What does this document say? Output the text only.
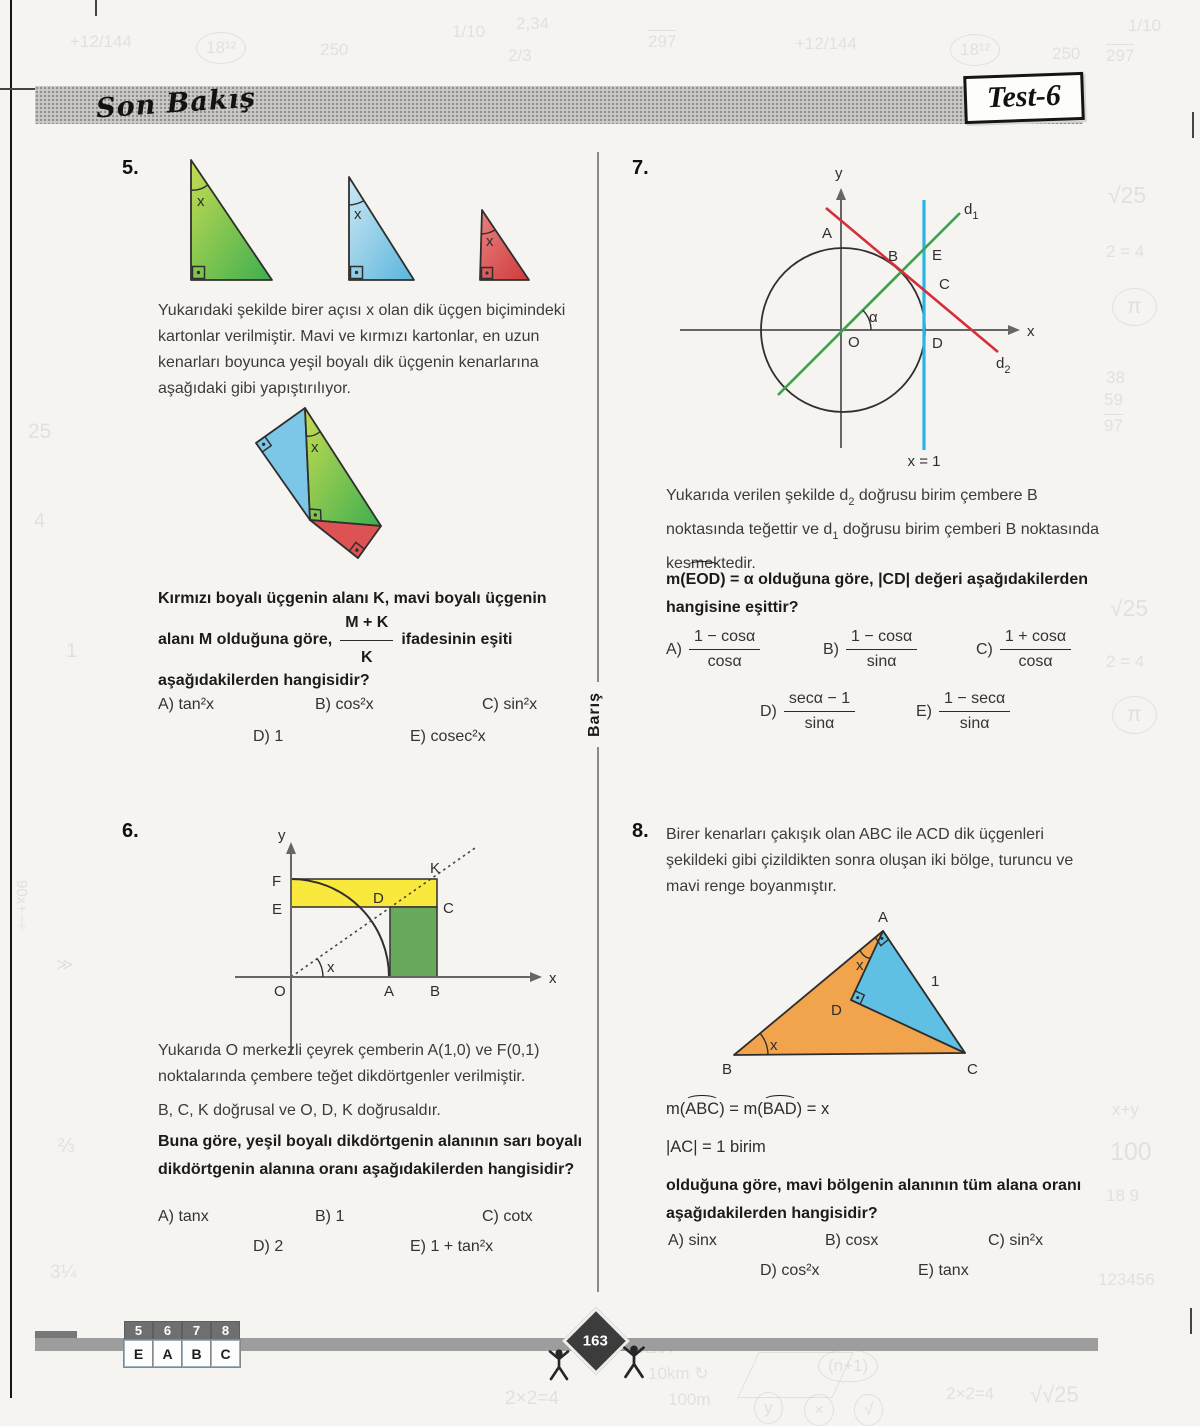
+12/144	18¹²	250
1/10 2,34
2/3
297	+12/144	18¹²	250
1/10
297
25
4
1
90x+−÷
≫
⅔
3¼
√25
2 = 4
π
38
59
97
√25
2 = 4
π
x+y
100
18 9
123456
2×2=4
10km ↻
100m
(n+1)
√√25
y	×	√
2×2=4
Son Bakış	Test-6
Barış
5.
x
x
x
Yukarıdaki şekilde birer açısı x olan dik üçgen biçimindeki kartonlar verilmiştir. Mavi ve kırmızı kartonlar, en uzun kenarları boyunca yeşil boyalı dik üçgenin kenarlarına aşağıdaki gibi yapıştırılıyor.
x
Kırmızı boyalı üçgenin alanı K, mavi boyalı üçgenin
alanı M olduğuna göre, $\frac{M + K}{K}$ ifadesinin eşiti
aşağıdakilerden hangisidir?
A) tan²x	B) cos²x	C) sin²x
D) 1	E) cosec²x
6.
x
y
x
F
E
D
K
C
O	A B
Yukarıda O merkezli çeyrek çemberin A(1,0) ve F(0,1) noktalarında çembere teğet dikdörtgenler verilmiştir.
B, C, K doğrusal ve O, D, K doğrusaldır.
Buna göre, yeşil boyalı dikdörtgenin alanının sarı boyalı dikdörtgenin alanına oranı aşağıdakilerden hangisidir?
A) tanx	B) 1	C) cotx
D) 2	E) 1 + tan²x
7.
α
y
x
A
B E
C
D
O
$d_1$
$d_2$
x = 1
Yukarıda verilen şekilde $d_2$ doğrusu birim çembere B noktasında teğettir ve $d_1$ doğrusu birim çemberi B noktasında kesmektedir.
m(EOD) = α olduğuna göre, |CD| değeri aşağıdakilerden hangisine eşittir?
$A) \frac{1 - \cos\alpha}{\cos\alpha}$	$B) \frac{1 - \cos\alpha}{\sin\alpha}$	$C) \frac{1 + \cos\alpha}{\cos\alpha}$
$D) \frac{\sec\alpha - 1}{\sin\alpha}$	$E) \frac{1 - \sec\alpha}{\sin\alpha}$
8. Birer kenarları çakışık olan ABC ile ACD dik üçgenleri şekildeki gibi çizildikten sonra oluşan iki bölge, turuncu ve mavi renge boyanmıştır.
x
x
1
A
B	C
D
m(ABC) = m(BAD) = x
|AC| = 1 birim
olduğuna göre, mavi bölgenin alanının tüm alana oranı aşağıdakilerden hangisidir?
A) sinx	B) cosx	C) sin²x
D) cos²x	E) tanx
5	6	7	8
E	A	B	C
163
